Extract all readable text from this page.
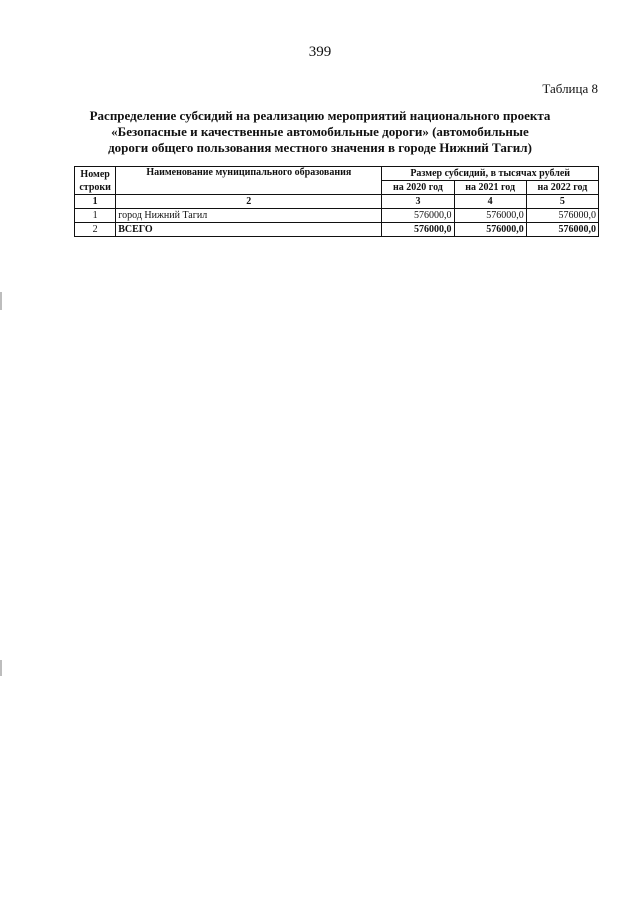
399
Таблица 8
Распределение субсидий на реализацию мероприятий национального проекта
«Безопасные и качественные автомобильные дороги» (автомобильные
дороги общего пользования местного значения в городе Нижний Тагил)
Номер строки	Наименование муниципального образования	Размер субсидий, в тысячах рублей		
		на 2020 год	на 2021 год	на 2022 год
1	2	3	4	5
1	город Нижний Тагил	576000,0	576000,0	576000,0
2	ВСЕГО	576000,0	576000,0	576000,0
